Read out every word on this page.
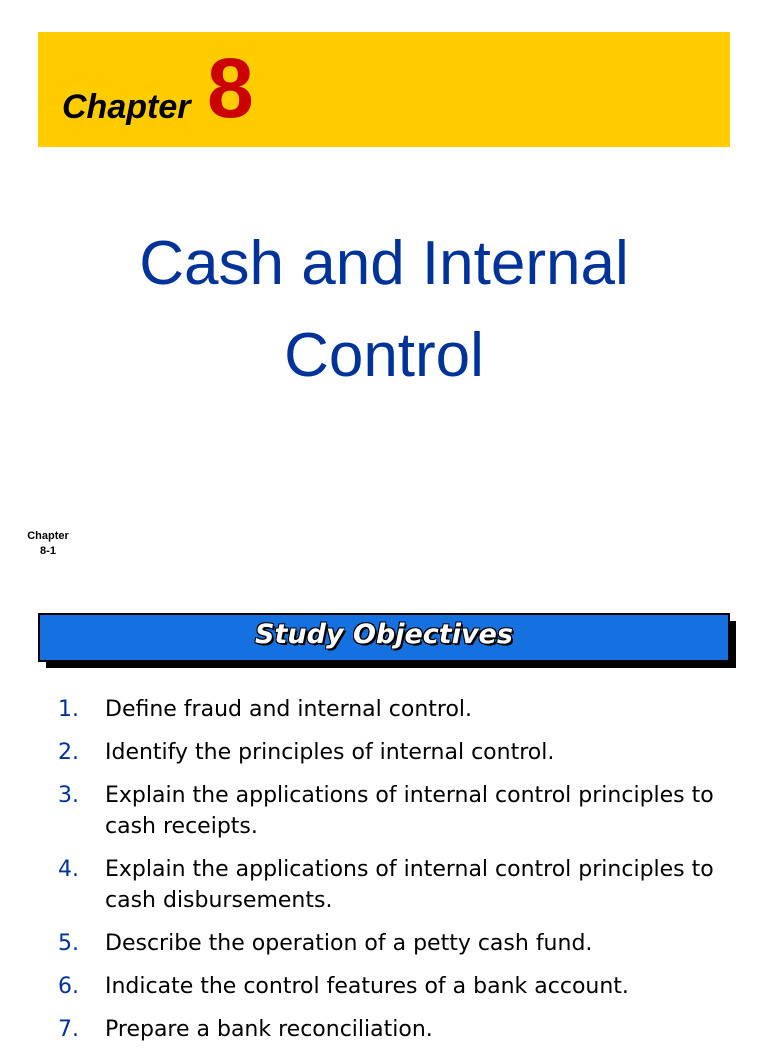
Chapter 8
Cash and Internal
Control
Chapter
8-1
Study Objectives
1. Define fraud and internal control.
2. Identify the principles of internal control.
3. Explain the applications of internal control principles to cash receipts.
4. Explain the applications of internal control principles to cash disbursements.
5. Describe the operation of a petty cash fund.
6. Indicate the control features of a bank account.
7. Prepare a bank reconciliation.
